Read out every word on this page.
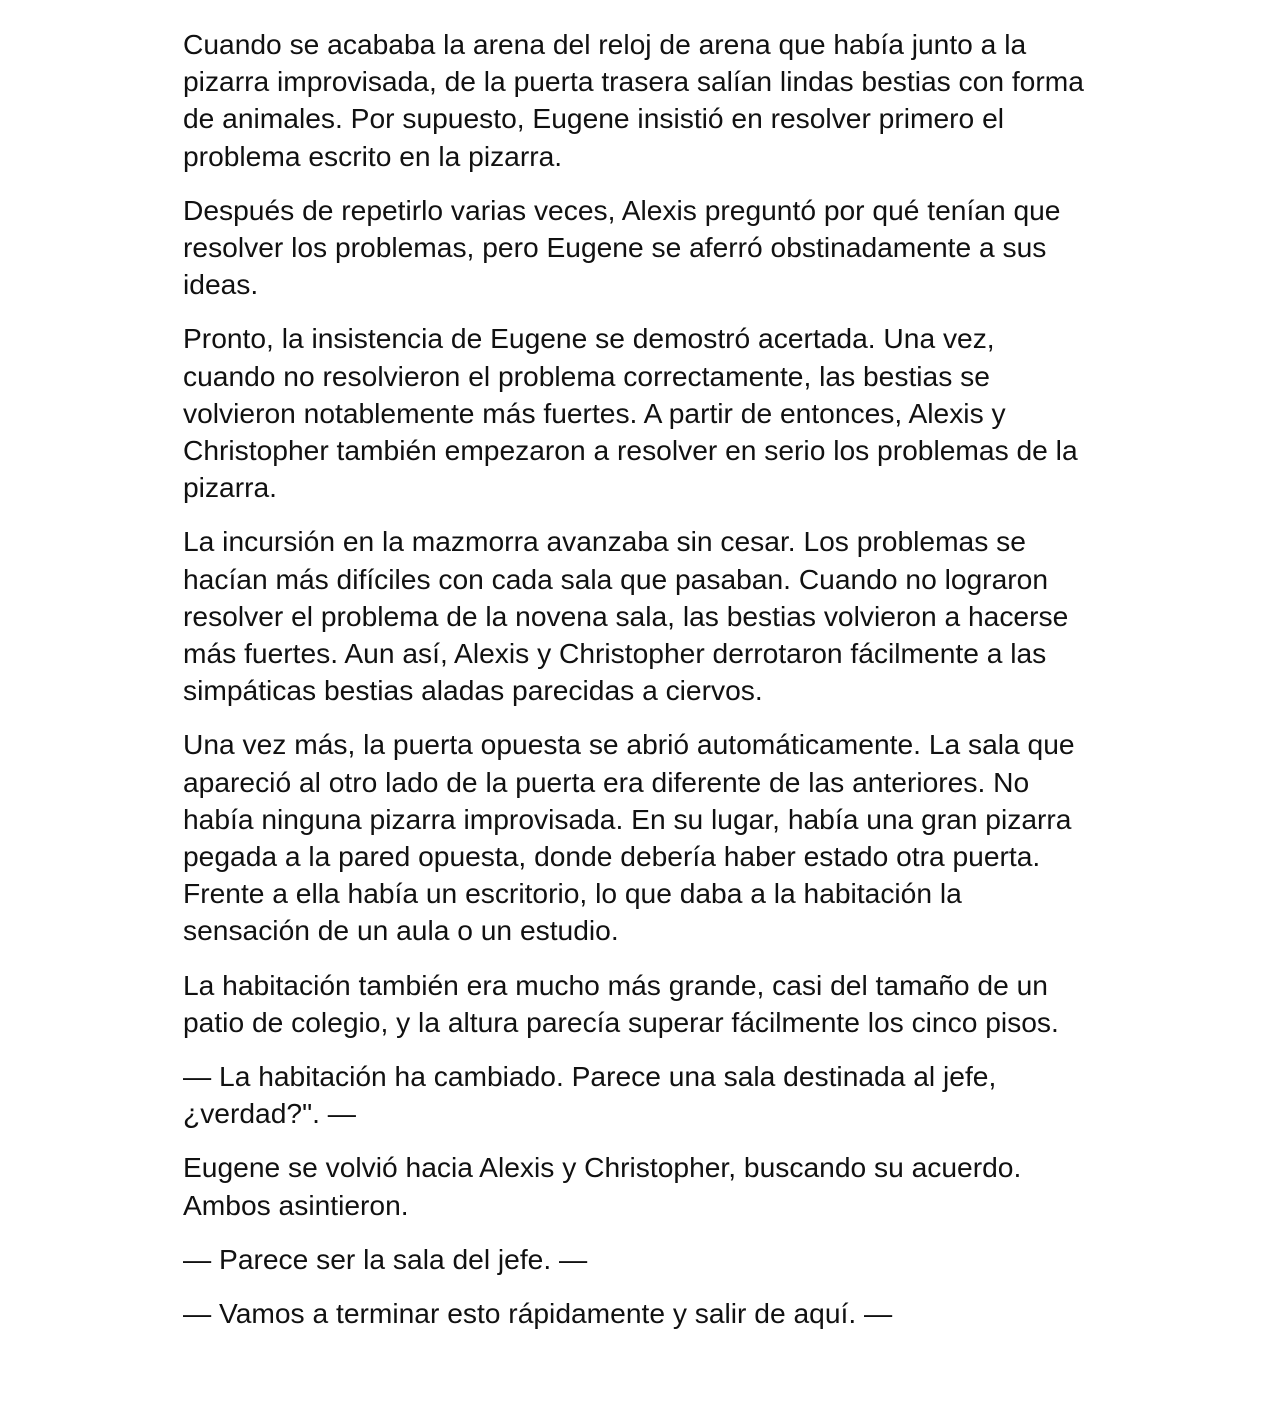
Cuando se acababa la arena del reloj de arena que había junto a la pizarra improvisada, de la puerta trasera salían lindas bestias con forma de animales. Por supuesto, Eugene insistió en resolver primero el problema escrito en la pizarra.

Después de repetirlo varias veces, Alexis preguntó por qué tenían que resolver los problemas, pero Eugene se aferró obstinadamente a sus ideas.

Pronto, la insistencia de Eugene se demostró acertada. Una vez, cuando no resolvieron el problema correctamente, las bestias se volvieron notablemente más fuertes. A partir de entonces, Alexis y Christopher también empezaron a resolver en serio los problemas de la pizarra.

La incursión en la mazmorra avanzaba sin cesar. Los problemas se hacían más difíciles con cada sala que pasaban. Cuando no lograron resolver el problema de la novena sala, las bestias volvieron a hacerse más fuertes. Aun así, Alexis y Christopher derrotaron fácilmente a las simpáticas bestias aladas parecidas a ciervos.

Una vez más, la puerta opuesta se abrió automáticamente. La sala que apareció al otro lado de la puerta era diferente de las anteriores. No había ninguna pizarra improvisada. En su lugar, había una gran pizarra pegada a la pared opuesta, donde debería haber estado otra puerta. Frente a ella había un escritorio, lo que daba a la habitación la sensación de un aula o un estudio.

La habitación también era mucho más grande, casi del tamaño de un patio de colegio, y la altura parecía superar fácilmente los cinco pisos.

— La habitación ha cambiado. Parece una sala destinada al jefe, ¿verdad?". —

Eugene se volvió hacia Alexis y Christopher, buscando su acuerdo. Ambos asintieron.

— Parece ser la sala del jefe. —

— Vamos a terminar esto rápidamente y salir de aquí. —
